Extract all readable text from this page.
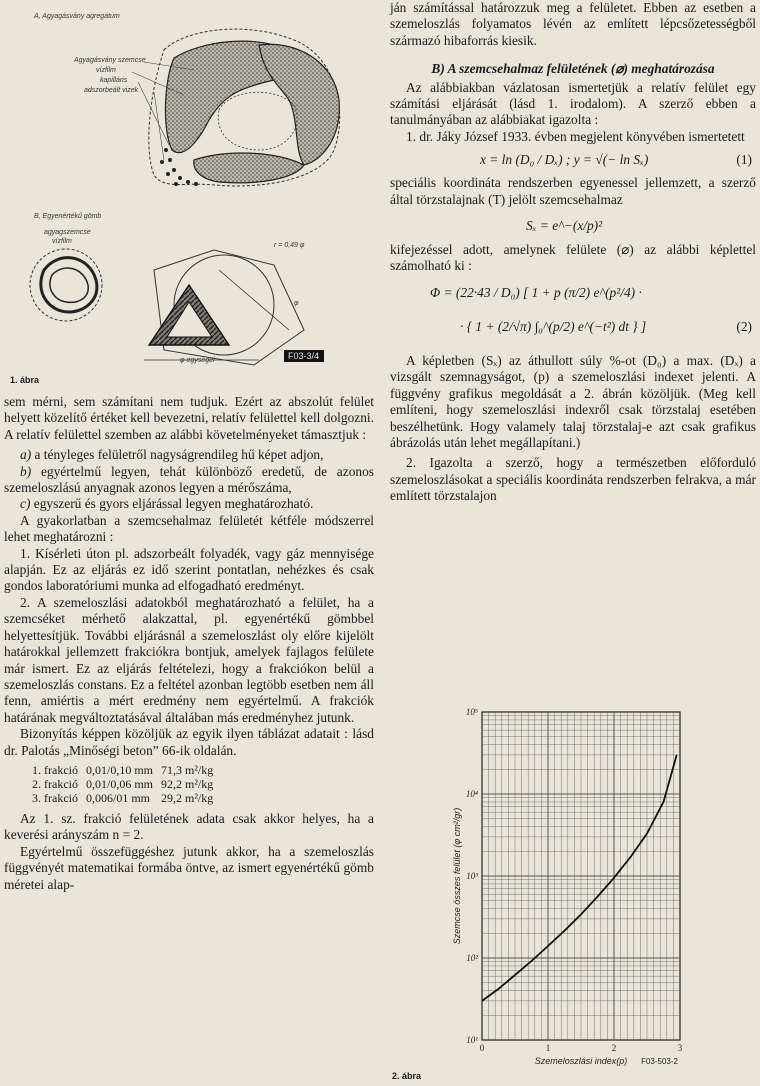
A, Agyagásvány agregátum
Agyagásvány szemcse
vízfilm
kapilláris
adszorbeált vizek
B, Egyenértékű gömb
agyagszemcse
vízfilm
r = 0,49 φ
φ egységei
φ
F03-3/4
1. ábra

sem mérni, sem számítani nem tudjuk. Ezért az abszolút felület helyett közelítő értéket kell bevezetni, relatív felülettel kell dolgozni. A relatív felülettel szemben az alábbi követelményeket támasztjuk :

a) a tényleges felületről nagyságrendileg hű képet adjon,

b) egyértelmű legyen, tehát különböző eredetű, de azonos szemeloszlású anyagnak azonos legyen a mérőszáma,

c) egyszerű és gyors eljárással legyen meghatározható.

A gyakorlatban a szemcsehalmaz felületét kétféle módszerrel lehet meghatározni :

1. Kísérleti úton pl. adszorbeált folyadék, vagy gáz mennyisége alapján. Ez az eljárás ez idő szerint pontatlan, nehézkes és csak gondos laboratóriumi munka ad elfogadható eredményt.

2. A szemeloszlási adatokból meghatározható a felület, ha a szemcséket mérhető alakzattal, pl. egyenértékű gömbbel helyettesítjük. További eljárásnál a szemeloszlást oly előre kijelölt határokkal jellemzett frakciókra bontjuk, amelyek fajlagos felülete már ismert. Ez az eljárás feltételezi, hogy a frakciókon belül a szemeloszlás constans. Ez a feltétel azonban legtöbb esetben nem áll fenn, amiértis a mért eredmény nem egyértelmű. A frakciók határának megváltoztatásával általában más eredményhez jutunk.

Bizonyítás képpen közöljük az egyik ilyen táblázat adatait : lásd dr. Palotás „Minőségi beton” 66-ik oldalán.

1. frakció	0,01/0,10 mm	71,3 m²/kg
2. frakció	0,01/0,06 mm	92,2 m²/kg
3. frakció	0,006/01 mm	29,2 m²/kg

Az 1. sz. frakció felületének adata csak akkor helyes, ha a keverési arányszám n = 2.

Egyértelmű összefüggéshez jutunk akkor, ha a szemeloszlás függvényét matematikai formába öntve, az ismert egyenértékű gömb méretei alap-

ján számítással határozzuk meg a felületet. Ebben az esetben a szemeloszlás folyamatos lévén az említett lépcsőzetességből származó hibaforrás kiesik.

B) A szemcsehalmaz felületének (⌀) meghatározása

Az alábbiakban vázlatosan ismertetjük a relatív felület egy számítási eljárását (lásd 1. irodalom). A szerző ebben a tanulmányában az alábbiakat igazolta :

1. dr. Jáky József 1933. évben megjelent könyvében ismertetett

x = ln (D₀ / Dₓ) ; y = √(− ln Sₓ)	(1)

speciális koordináta rendszerben egyenessel jellemzett, a szerző által törzstalajnak (T) jelölt szemcsehalmaz

Sₓ = e^−(x/p)²

kifejezéssel adott, amelynek felülete (⌀) az alábbi képlettel számolható ki :

Φ = (22·43 / D₀) [ 1 + p (π/2) e^(p²/4) ·
· { 1 + (2/√π) ∫₀^(p/2) e^(−t²) dt } ]	(2)

A képletben (Sₓ) az áthullott súly %-ot (D₀) a max. (Dₓ) a vizsgált szemnagyságot, (p) a szemeloszlási indexet jelenti. A függvény grafikus megoldását a 2. ábrán közöljük. (Meg kell említeni, hogy szemeloszlási indexről csak törzstalaj esetében beszélhetünk. Hogy valamely talaj törzstalaj-e azt csak grafikus ábrázolás után lehet megállapítani.)

2. Igazolta a szerző, hogy a természetben előforduló szemeloszlásokat a speciális koordináta rendszerben felrakva, a már említett törzstalajon

10¹
10²
10³
10⁴
10⁵
0	1	2	3
Szemeloszlási index(p)
Szemcse összes felület (φ cm²/gr)
F03-503-2
2. ábra
